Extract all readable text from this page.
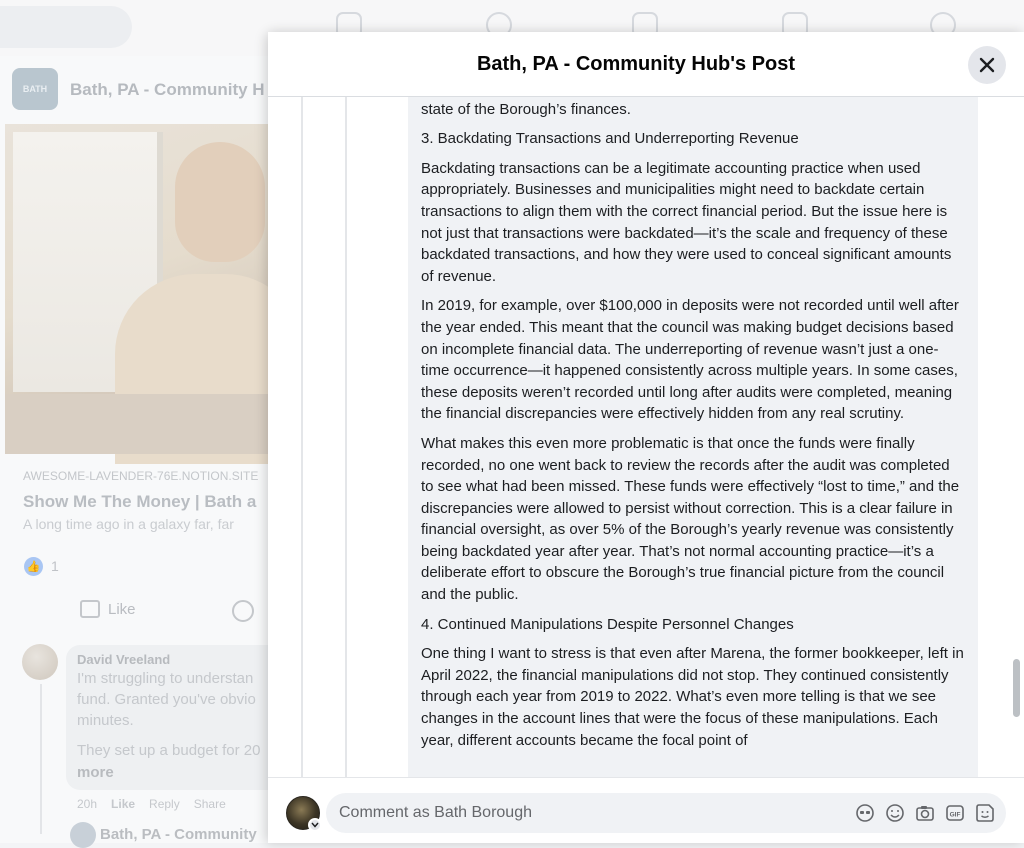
BATH	Bath, PA - Community H
AWESOME-LAVENDER-76E.NOTION.SITE
Show Me The Money | Bath a
A long time ago in a galaxy far, far
👍 1
Like
David Vreeland
I'm struggling to understan
fund. Granted you've obvio
minutes.
They set up a budget for 20
more
20h Like Reply Share
Bath, PA - Community
Bath, PA - Community Hub's Post

state of the Borough’s finances.

3. Backdating Transactions and Underreporting Revenue

Backdating transactions can be a legitimate accounting practice when used appropriately. Businesses and municipalities might need to backdate certain transactions to align them with the correct financial period. But the issue here is not just that transactions were backdated—it’s the scale and frequency of these backdated transactions, and how they were used to conceal significant amounts of revenue.

In 2019, for example, over $100,000 in deposits were not recorded until well after the year ended. This meant that the council was making budget decisions based on incomplete financial data. The underreporting of revenue wasn’t just a one-time occurrence—it happened consistently across multiple years. In some cases, these deposits weren’t recorded until long after audits were completed, meaning the financial discrepancies were effectively hidden from any real scrutiny.

What makes this even more problematic is that once the funds were finally recorded, no one went back to review the records after the audit was completed to see what had been missed. These funds were effectively “lost to time,” and the discrepancies were allowed to persist without correction. This is a clear failure in financial oversight, as over 5% of the Borough’s yearly revenue was consistently being backdated year after year. That’s not normal accounting practice—it’s a deliberate effort to obscure the Borough’s true financial picture from the council and the public.

4. Continued Manipulations Despite Personnel Changes

One thing I want to stress is that even after Marena, the former bookkeeper, left in April 2022, the financial manipulations did not stop. They continued consistently through each year from 2019 to 2022. What’s even more telling is that we see changes in the account lines that were the focus of these manipulations. Each year, different accounts became the focal point of

Comment as Bath Borough
GIF
